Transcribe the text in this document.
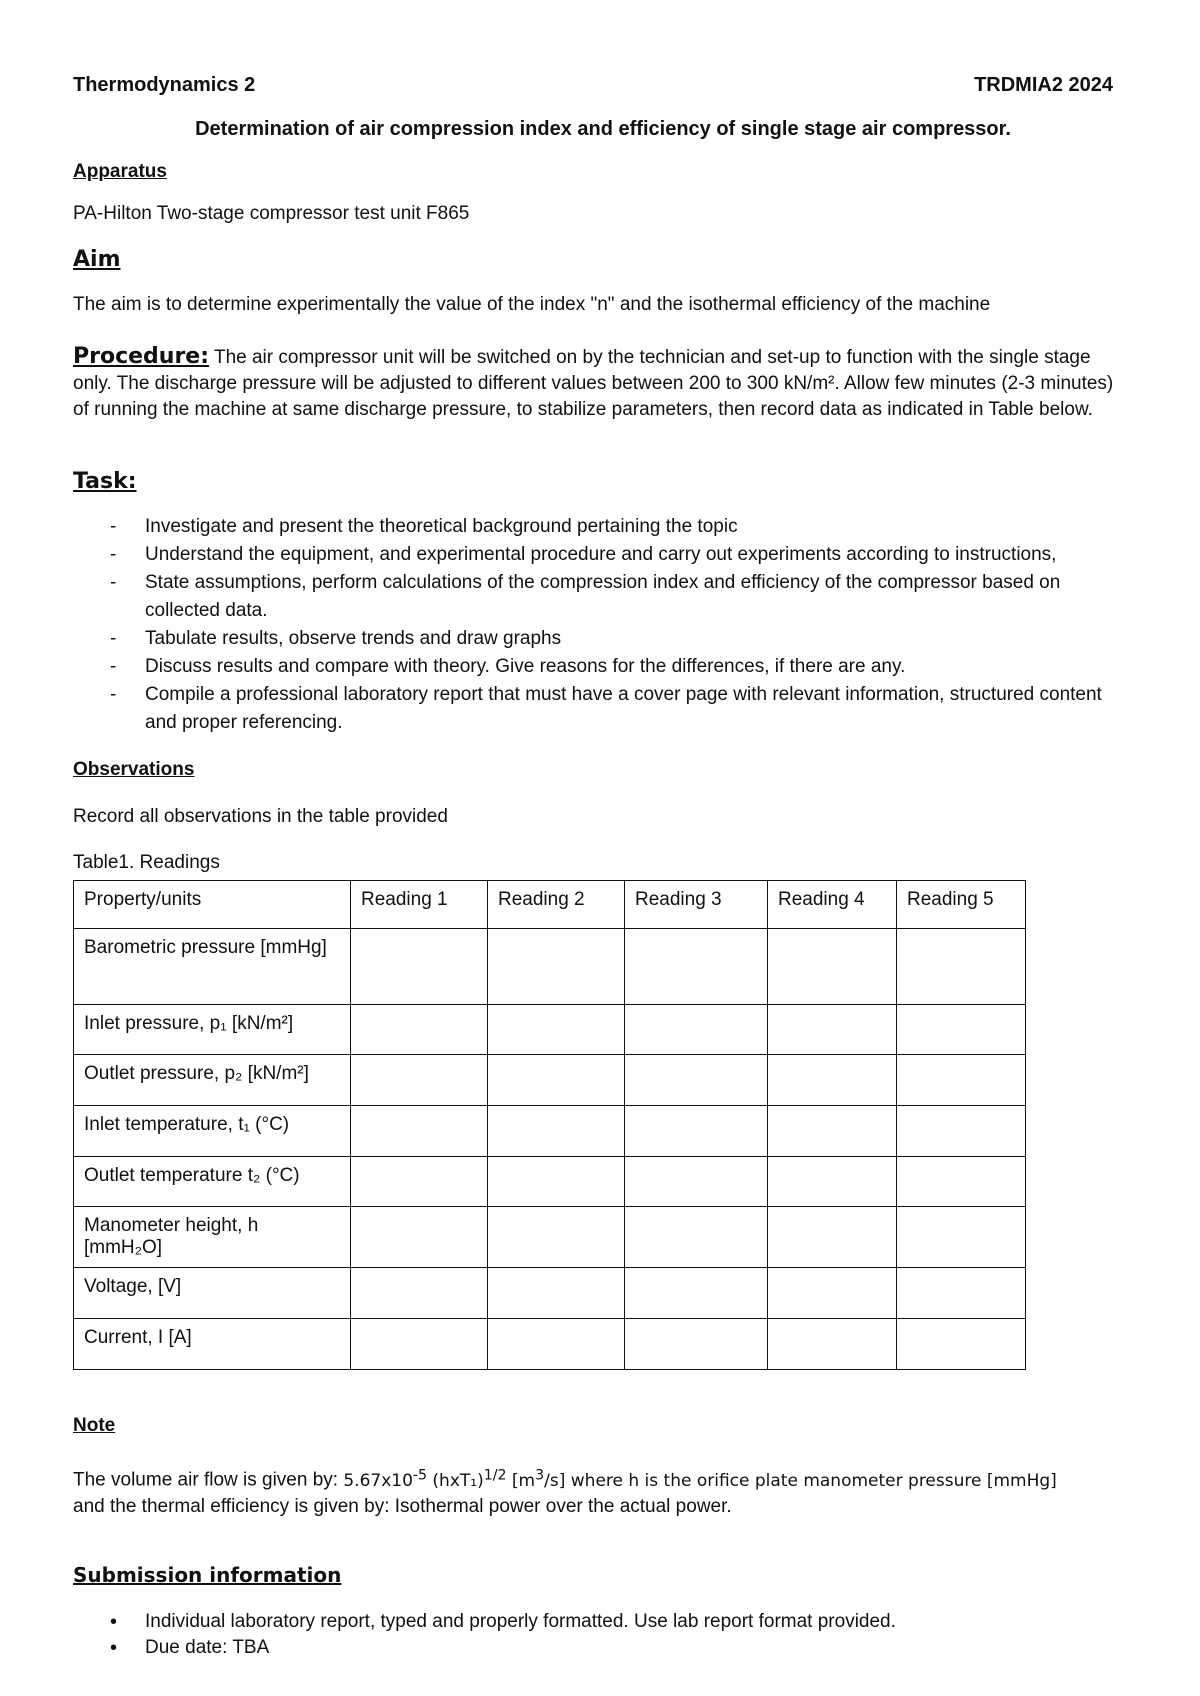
Thermodynamics 2	TRDMIA2 2024
Determination of air compression index and efficiency of single stage air compressor.
Apparatus
PA-Hilton Two-stage compressor test unit F865
Aim
The aim is to determine experimentally the value of the index "n" and the isothermal efficiency of the machine
Procedure: The air compressor unit will be switched on by the technician and set-up to function with the single stage only. The discharge pressure will be adjusted to different values between 200 to 300 kN/m². Allow few minutes (2-3 minutes) of running the machine at same discharge pressure, to stabilize parameters, then record data as indicated in Table below.
Task:
- Investigate and present the theoretical background pertaining the topic
- Understand the equipment, and experimental procedure and carry out experiments according to instructions,
- State assumptions, perform calculations of the compression index and efficiency of the compressor based on collected data.
- Tabulate results, observe trends and draw graphs
- Discuss results and compare with theory. Give reasons for the differences, if there are any.
- Compile a professional laboratory report that must have a cover page with relevant information, structured content and proper referencing.
Observations
Record all observations in the table provided
Table1. Readings
Property/units	Reading 1	Reading 2	Reading 3	Reading 4	Reading 5
Barometric pressure [mmHg]					
Inlet pressure, p₁ [kN/m²]					
Outlet pressure, p₂ [kN/m²]					
Inlet temperature, t₁ (°C)					
Outlet temperature t₂ (°C)					
Manometer height, h [mmH₂O]					
Voltage, [V]					
Current, I [A]					
Note
The volume air flow is given by: $5.67x10^{-5}$ $(hxT_1)^{1/2}$ $[m^3/s]$ where h is the orifice plate manometer pressure [mmHg]
and the thermal efficiency is given by: Isothermal power over the actual power.
Submission information
• Individual laboratory report, typed and properly formatted. Use lab report format provided.
• Due date: TBA
